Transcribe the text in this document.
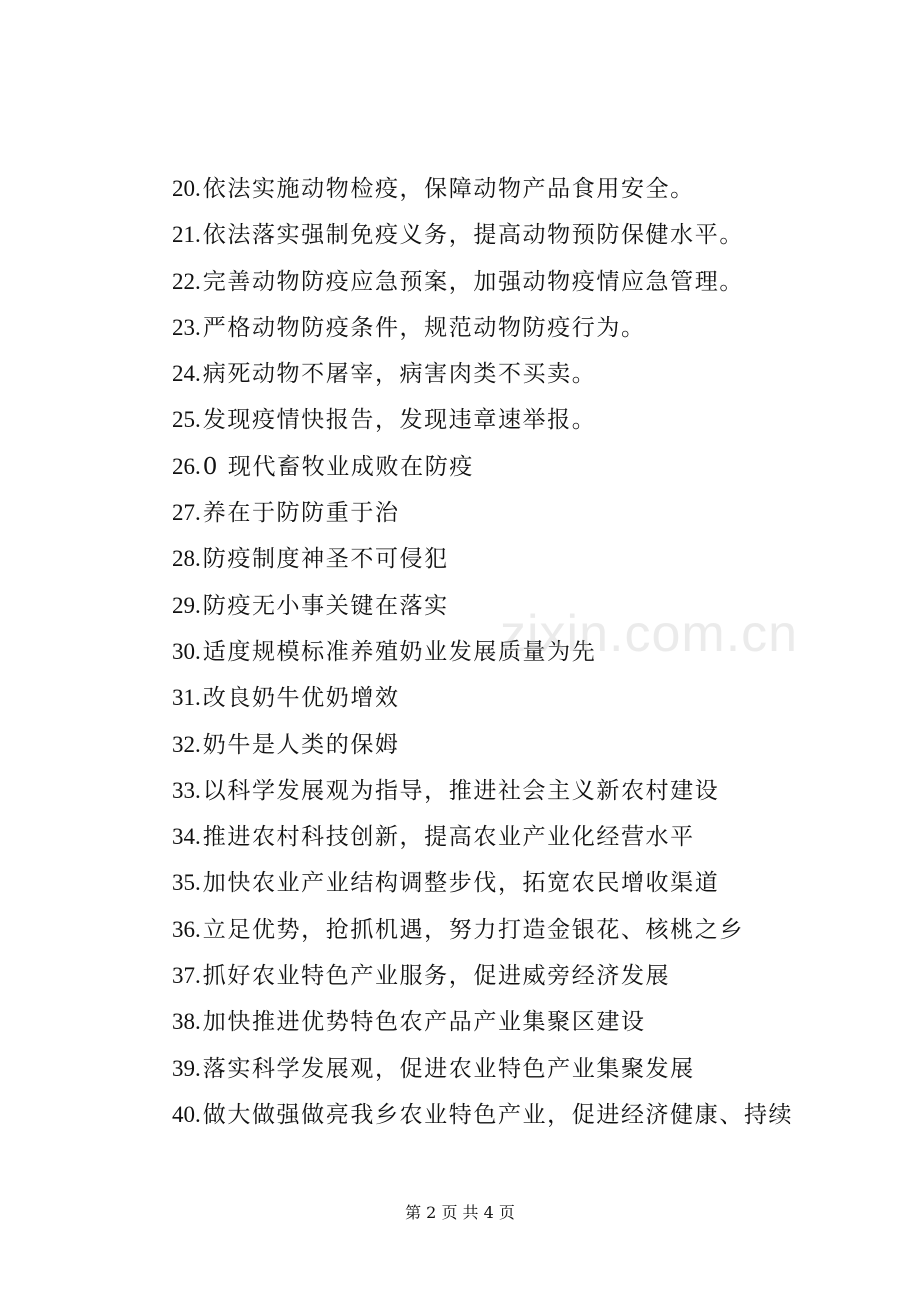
20.依法实施动物检疫，保障动物产品食用安全。
21.依法落实强制免疫义务，提高动物预防保健水平。
22.完善动物防疫应急预案，加强动物疫情应急管理。
23.严格动物防疫条件，规范动物防疫行为。
24.病死动物不屠宰，病害肉类不买卖。
25.发现疫情快报告，发现违章速举报。
26.0 现代畜牧业成败在防疫
27.养在于防防重于治
28.防疫制度神圣不可侵犯
29.防疫无小事关键在落实
30.适度规模标准养殖奶业发展质量为先
31.改良奶牛优奶增效
32.奶牛是人类的保姆
33.以科学发展观为指导，推进社会主义新农村建设
34.推进农村科技创新，提高农业产业化经营水平
35.加快农业产业结构调整步伐，拓宽农民增收渠道
36.立足优势，抢抓机遇，努力打造金银花、核桃之乡
37.抓好农业特色产业服务，促进威旁经济发展
38.加快推进优势特色农产品产业集聚区建设
39.落实科学发展观，促进农业特色产业集聚发展
40.做大做强做亮我乡农业特色产业，促进经济健康、持续
zixin.com.cn
第 2 页 共 4 页
